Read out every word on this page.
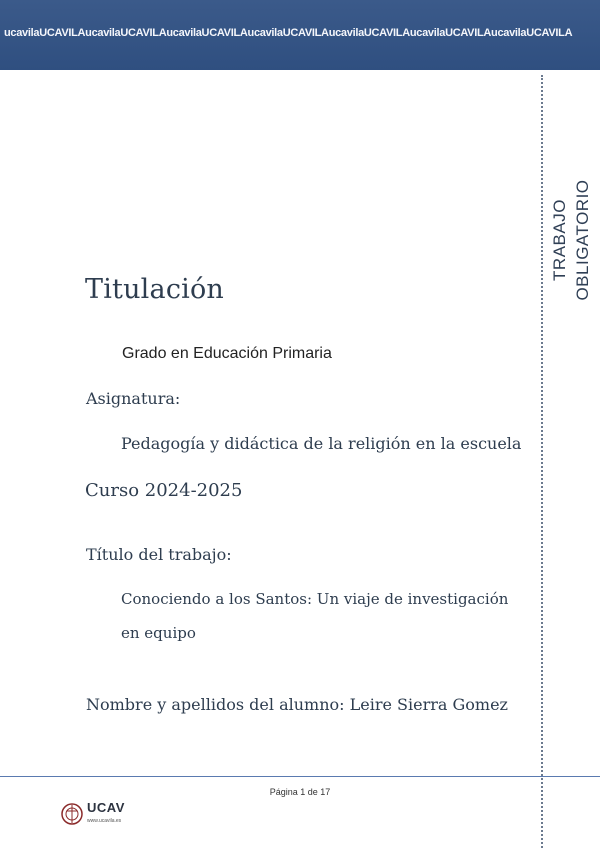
ucavilaUCAVILAucavilaUCAVILAucavilaUCAVILAucavilaUCAVILAucavilaUCAVILAucavilaUCAVILAucavilaUCAVILA
TRABAJO OBLIGATORIO
Titulación
Grado en Educación Primaria
Asignatura:
Pedagogía y didáctica de la religión en la escuela
Curso 2024-2025
Título del trabajo:
Conociendo a los Santos: Un viaje de investigación
en equipo
Nombre y apellidos del alumno: Leire Sierra Gomez
Página 1 de 17
UCAV
www.ucavila.es
